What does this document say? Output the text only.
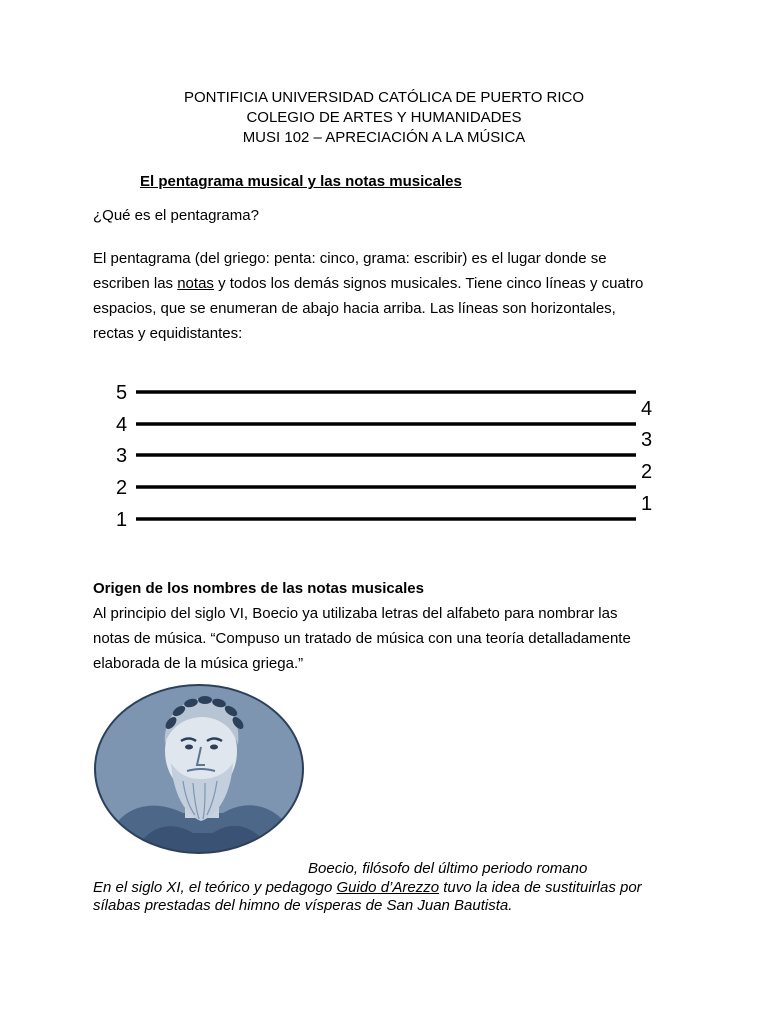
PONTIFICIA UNIVERSIDAD CATÓLICA DE PUERTO RICO
COLEGIO DE ARTES Y HUMANIDADES
MUSI 102 – APRECIACIÓN A LA MÚSICA
El pentagrama musical y las notas musicales
¿Qué es el pentagrama?
El pentagrama (del griego: penta: cinco, grama: escribir) es el lugar donde se
escriben las notas y todos los demás signos musicales. Tiene cinco líneas y cuatro
espacios, que se enumeran de abajo hacia arriba. Las líneas son horizontales,
rectas y equidistantes:
5
4
3
2
1
4
3
2
1
Origen de los nombres de las notas musicales
Al principio del siglo VI, Boecio ya utilizaba letras del alfabeto para nombrar las
notas de música. “Compuso un tratado de música con una teoría detalladamente
elaborada de la música griega.”
Boecio, filósofo del último periodo romano
En el siglo XI, el teórico y pedagogo Guido d’Arezzo tuvo la idea de sustituirlas por
sílabas prestadas del himno de vísperas de San Juan Bautista.
